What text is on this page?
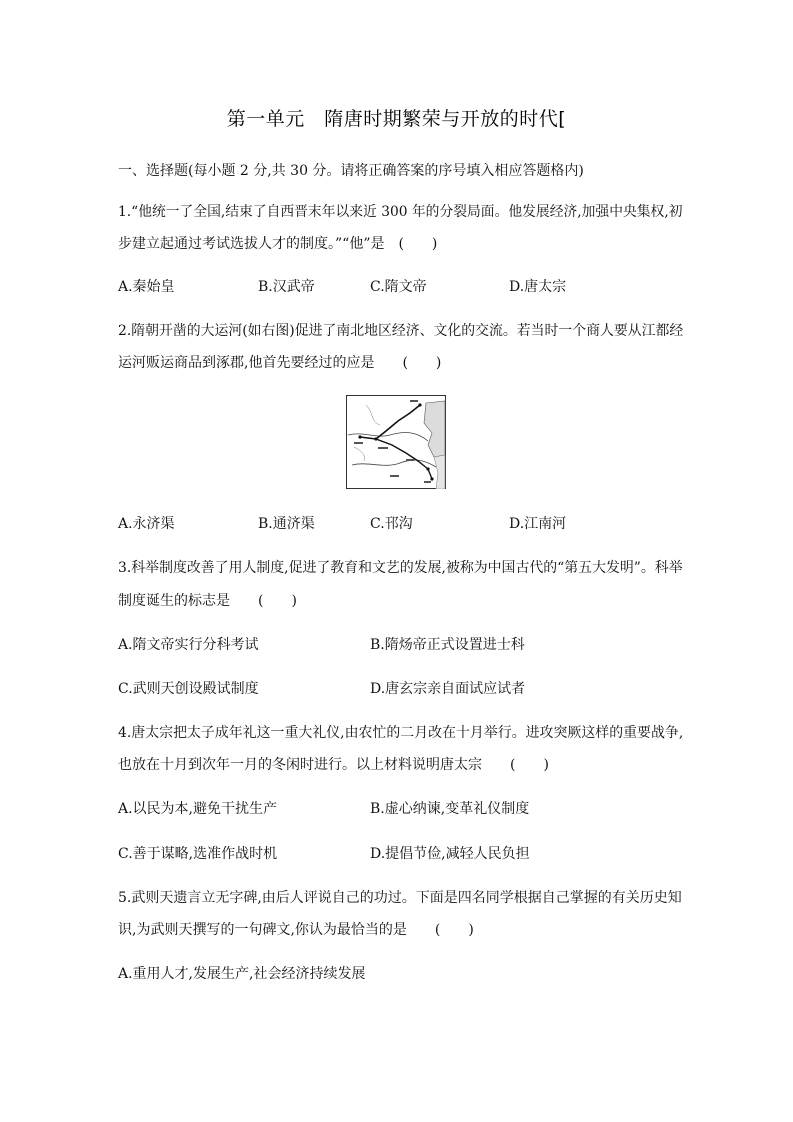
第一单元　隋唐时期繁荣与开放的时代[
一、选择题(每小题 2 分,共 30 分。请将正确答案的序号填入相应答题格内)
1.“他统一了全国,结束了自西晋末年以来近 300 年的分裂局面。他发展经济,加强中央集权,初
步建立起通过考试选拔人才的制度。”“他”是　(　　)
A.秦始皇	B.汉武帝	C.隋文帝	D.唐太宗
2.隋朝开凿的大运河(如右图)促进了南北地区经济、文化的交流。若当时一个商人要从江都经
运河贩运商品到涿郡,他首先要经过的应是　　(　　)
A.永济渠	B.通济渠	C.邗沟	D.江南河
3.科举制度改善了用人制度,促进了教育和文艺的发展,被称为中国古代的“第五大发明”。科举
制度诞生的标志是　　(　　)
A.隋文帝实行分科考试	B.隋炀帝正式设置进士科
C.武则天创设殿试制度	D.唐玄宗亲自面试应试者
4.唐太宗把太子成年礼这一重大礼仪,由农忙的二月改在十月举行。进攻突厥这样的重要战争,
也放在十月到次年一月的冬闲时进行。以上材料说明唐太宗　　(　　)
A.以民为本,避免干扰生产	B.虚心纳谏,变革礼仪制度
C.善于谋略,选准作战时机	D.提倡节俭,减轻人民负担
5.武则天遗言立无字碑,由后人评说自己的功过。下面是四名同学根据自己掌握的有关历史知
识,为武则天撰写的一句碑文,你认为最恰当的是　　(　　)
A.重用人才,发展生产,社会经济持续发展
